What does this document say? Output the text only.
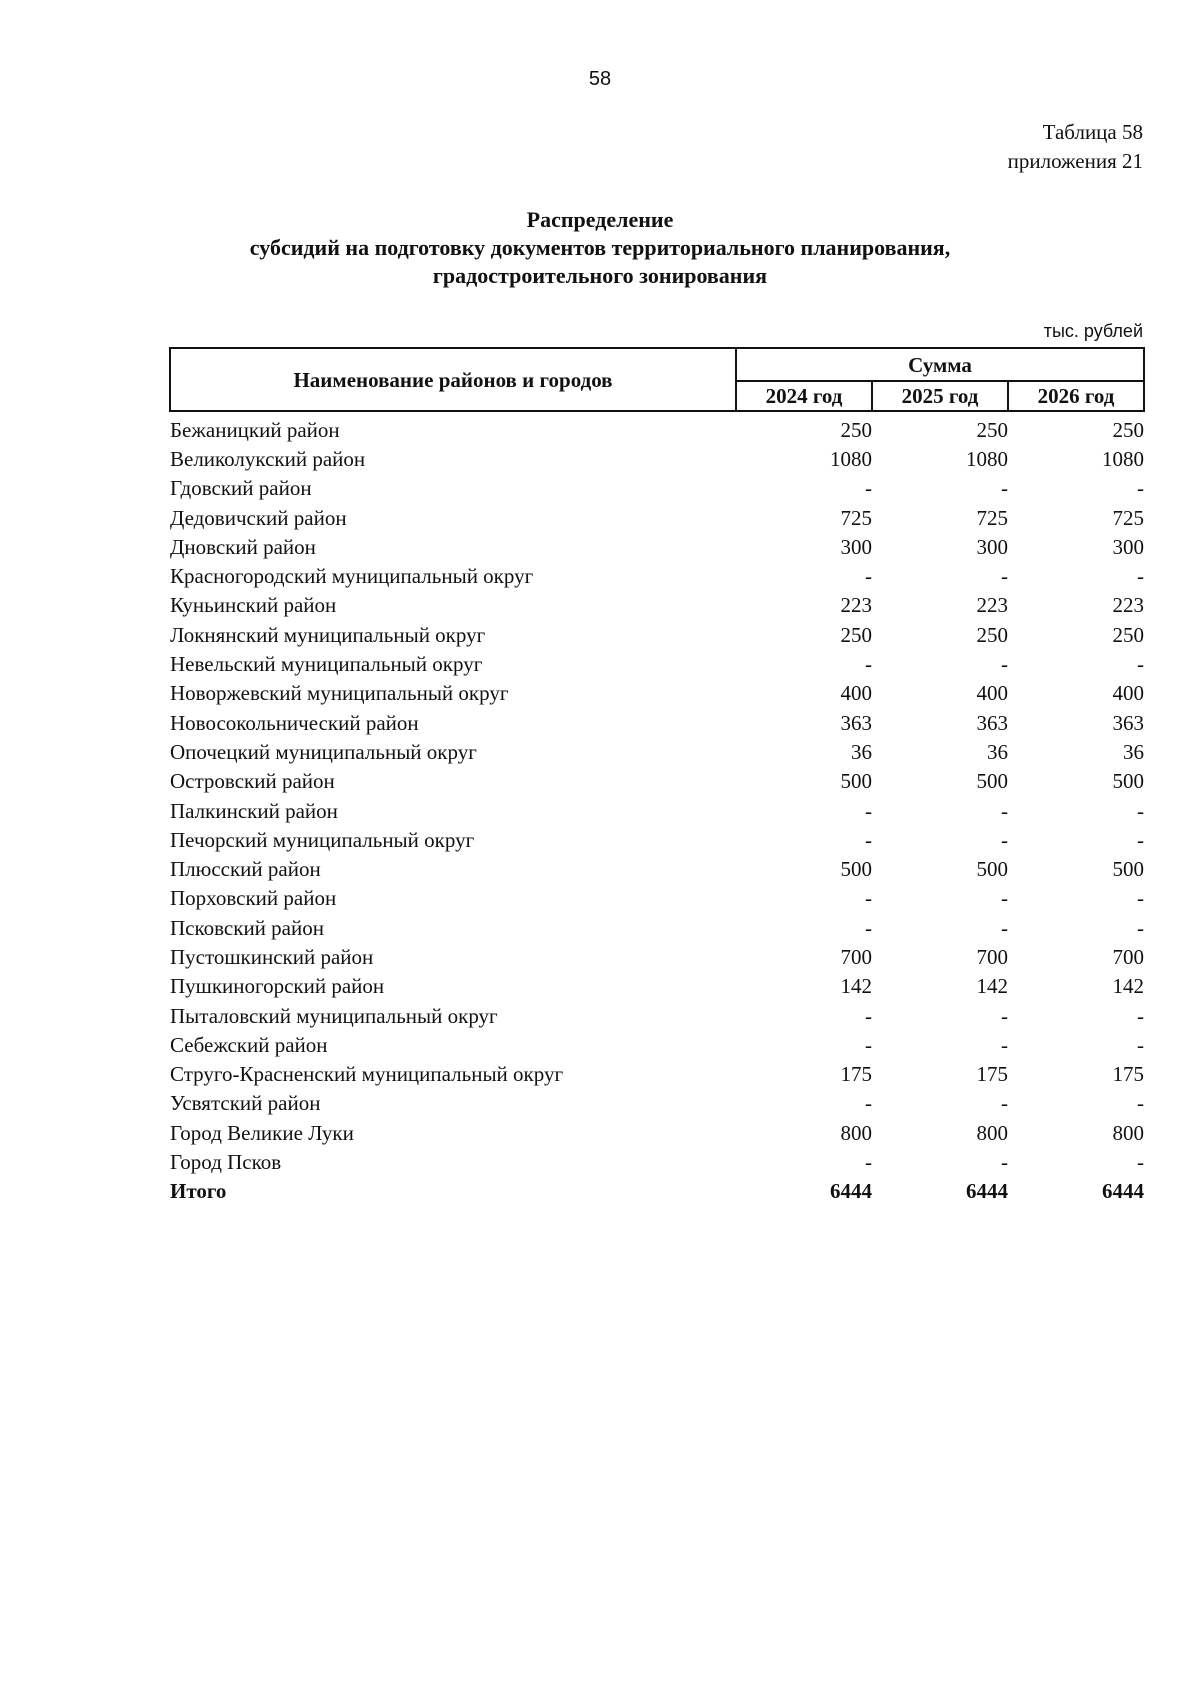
58
Таблица 58
приложения 21
Распределение
субсидий на подготовку документов территориального планирования,
градостроительного зонирования
тыс. рублей
Наименование районов и городов	Сумма		
	2024 год	2025 год	2026 год
Бежаницкий район	250	250	250
Великолукский район	1080	1080	1080
Гдовский район	-	-	-
Дедовичский район	725	725	725
Дновский район	300	300	300
Красногородский муниципальный округ	-	-	-
Куньинский район	223	223	223
Локнянский муниципальный округ	250	250	250
Невельский муниципальный округ	-	-	-
Новоржевский муниципальный округ	400	400	400
Новосокольнический район	363	363	363
Опочецкий муниципальный округ	36	36	36
Островский район	500	500	500
Палкинский район	-	-	-
Печорский муниципальный округ	-	-	-
Плюсский район	500	500	500
Порховский район	-	-	-
Псковский район	-	-	-
Пустошкинский район	700	700	700
Пушкиногорский район	142	142	142
Пыталовский муниципальный округ	-	-	-
Себежский район	-	-	-
Струго-Красненский муниципальный округ	175	175	175
Усвятский район	-	-	-
Город Великие Луки	800	800	800
Город Псков	-	-	-
Итого	6444	6444	6444
